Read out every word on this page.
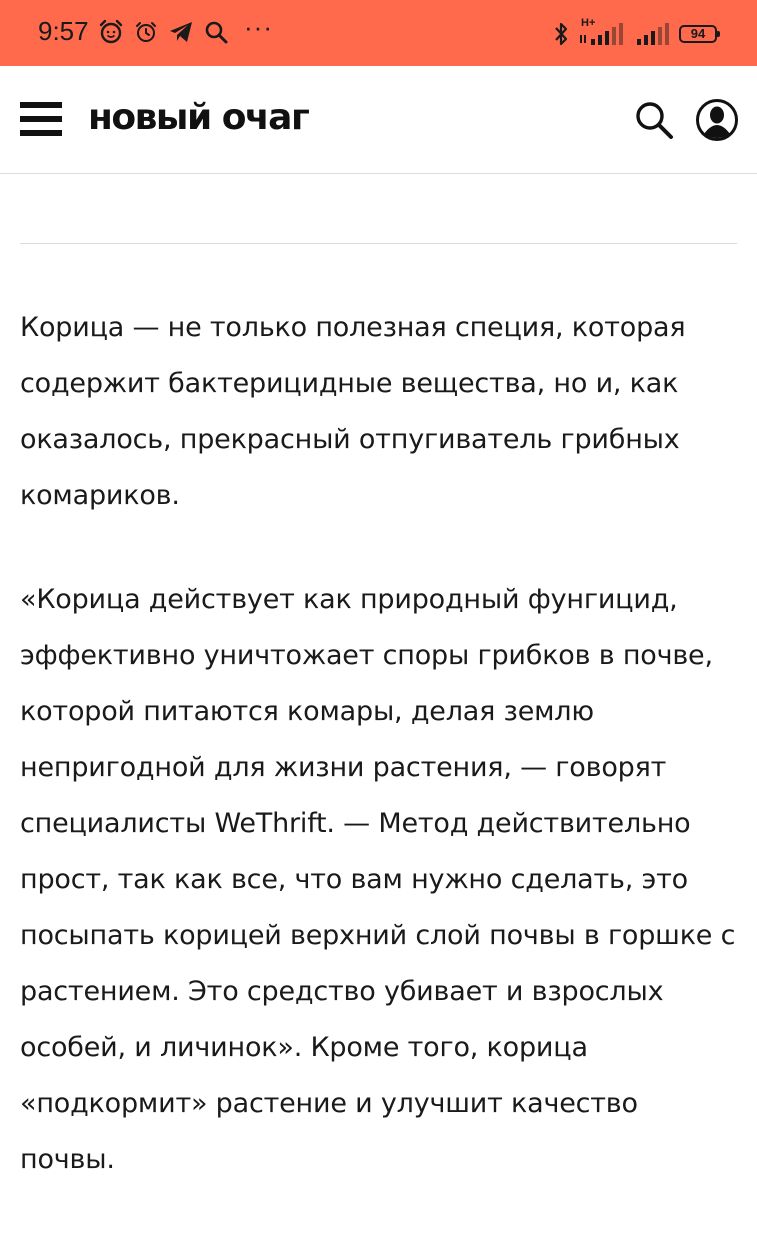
9:57	···	H+
94
новый очаг

Корица — не только полезная специя, которая содержит бактерицидные вещества, но и, как оказалось, прекрасный отпугиватель грибных комариков.

«Корица действует как природный фунгицид, эффективно уничтожает споры грибков в почве, которой питаются комары, делая землю непригодной для жизни растения, — говорят специалисты WeThrift. — Метод действительно прост, так как все, что вам нужно сделать, это посыпать корицей верхний слой почвы в горшке с растением. Это средство убивает и взрослых особей, и личинок». Кроме того, корица «подкормит» растение и улучшит качество почвы.
